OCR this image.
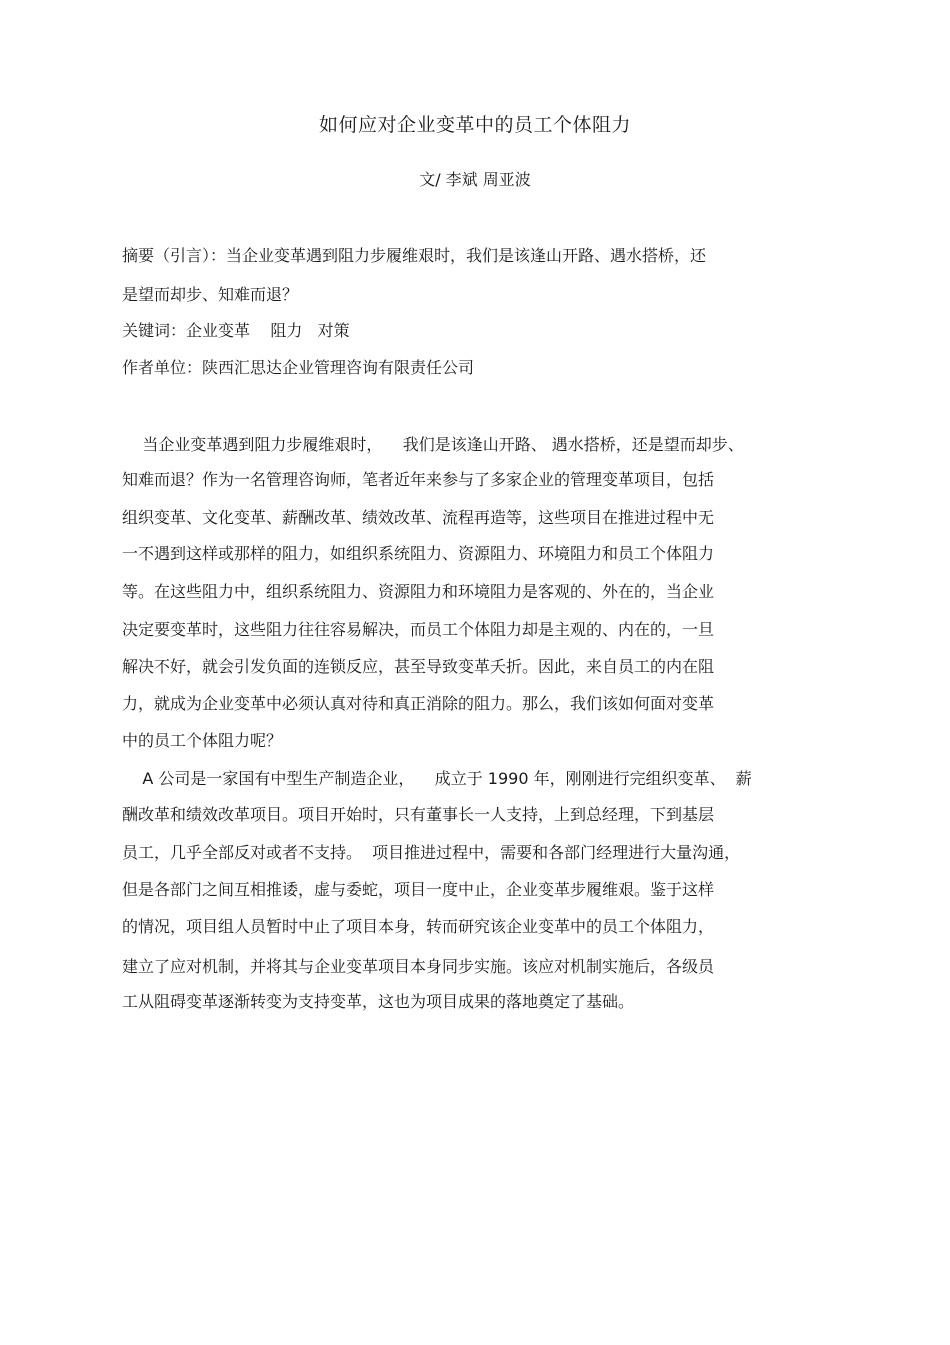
如何应对企业变革中的员工个体阻力
文/ 李斌 周亚波
摘要（引言）：当企业变革遇到阻力步履维艰时，我们是该逢山开路、遇水搭桥，还
是望而却步、知难而退？
关键词：企业变革    阻力   对策
作者单位：陕西汇思达企业管理咨询有限责任公司
当企业变革遇到阻力步履维艰时，    我们是该逢山开路、 遇水搭桥，还是望而却步、
知难而退？作为一名管理咨询师，笔者近年来参与了多家企业的管理变革项目，包括
组织变革、文化变革、薪酬改革、绩效改革、流程再造等，这些项目在推进过程中无
一不遇到这样或那样的阻力，如组织系统阻力、资源阻力、环境阻力和员工个体阻力
等。在这些阻力中，组织系统阻力、资源阻力和环境阻力是客观的、外在的，当企业
决定要变革时，这些阻力往往容易解决，而员工个体阻力却是主观的、内在的，一旦
解决不好，就会引发负面的连锁反应，甚至导致变革夭折。因此，来自员工的内在阻
力，就成为企业变革中必须认真对待和真正消除的阻力。那么，我们该如何面对变革
中的员工个体阻力呢？
A 公司是一家国有中型生产制造企业，    成立于 1990 年，刚刚进行完组织变革、  薪
酬改革和绩效改革项目。项目开始时，只有董事长一人支持，上到总经理，下到基层
员工，几乎全部反对或者不支持。  项目推进过程中，需要和各部门经理进行大量沟通，
但是各部门之间互相推诿，虚与委蛇，项目一度中止，企业变革步履维艰。鉴于这样
的情况，项目组人员暂时中止了项目本身，转而研究该企业变革中的员工个体阻力，
建立了应对机制，并将其与企业变革项目本身同步实施。该应对机制实施后，各级员
工从阻碍变革逐渐转变为支持变革，这也为项目成果的落地奠定了基础。
